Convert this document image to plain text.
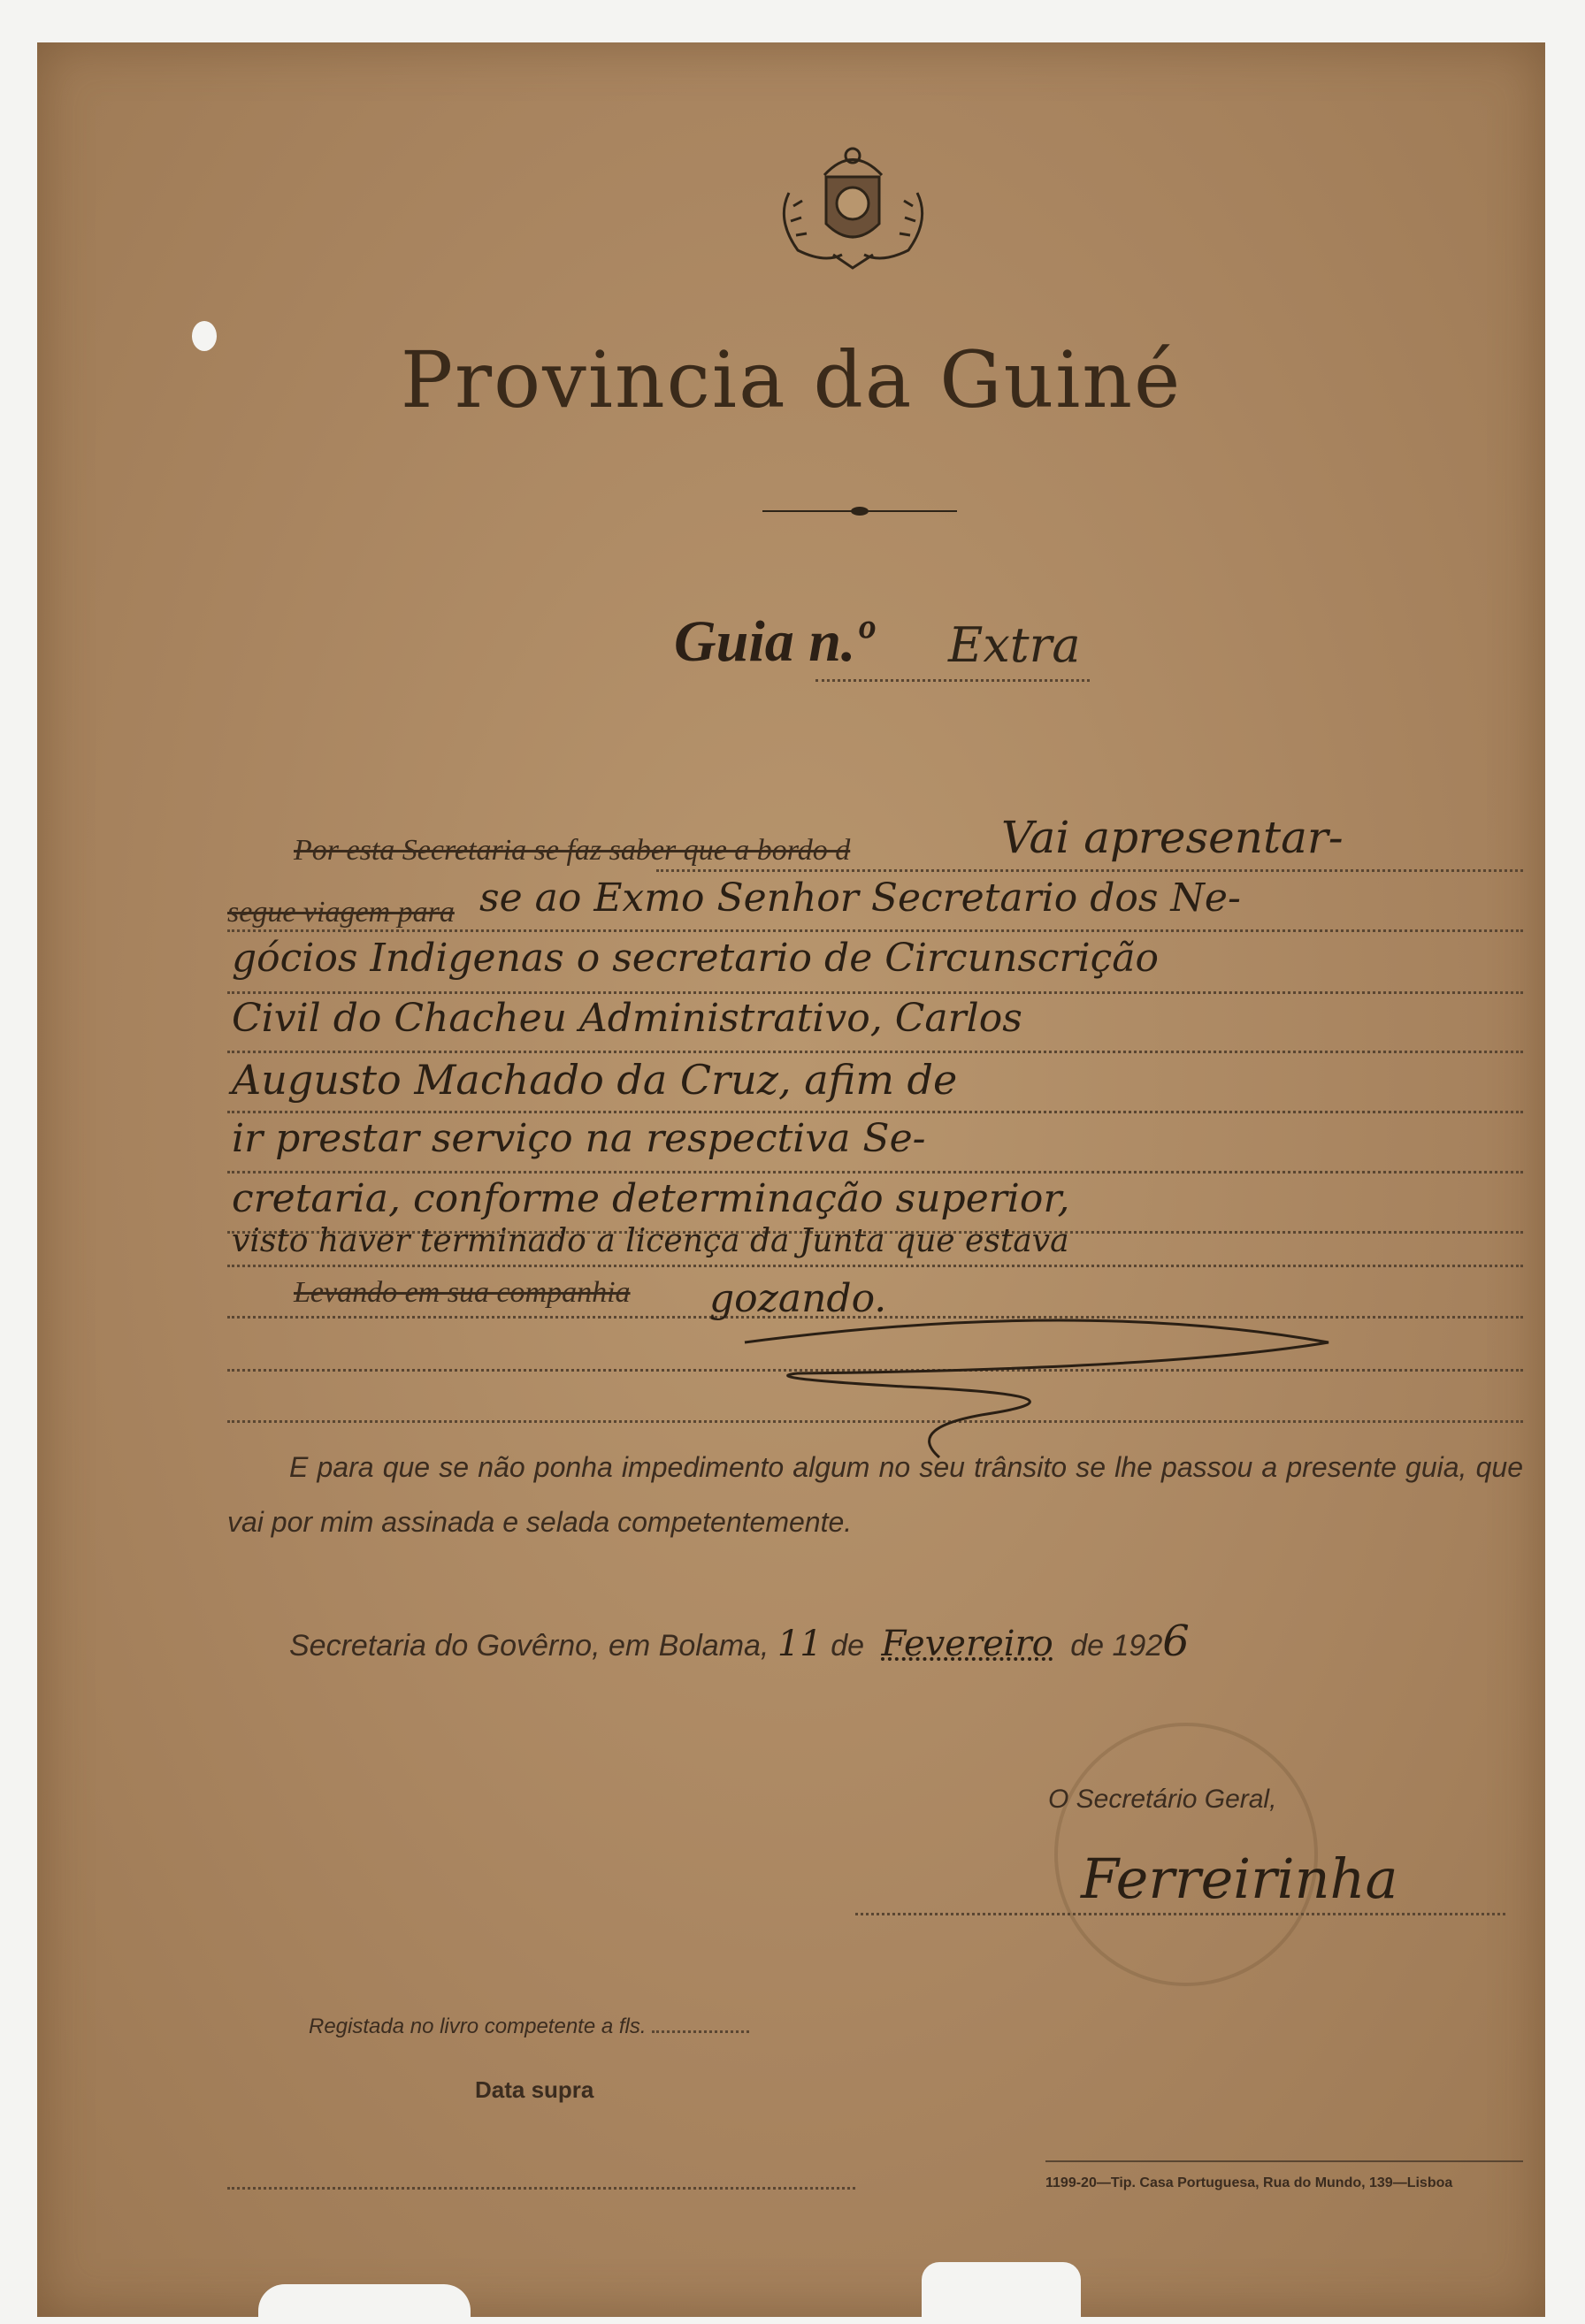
Provincia da Guiné
Guia n.º Extra
Por esta Secretaria se faz saber que a bordo d
segue viagem para
Levando em sua companhia
Vai apresentar-
se ao Exmo Senhor Secretario dos Ne-
gócios Indigenas o secretario de Circunscrição
Civil do Chacheu Administrativo, Carlos
Augusto Machado da Cruz, afim de
ir prestar serviço na respectiva Se-
cretaria, conforme determinação superior,
visto haver terminado a licença da Junta que estava
gozando.
E para que se não ponha impedimento algum no seu trânsito se lhe passou a presente guia, que vai por mim assinada e selada competentemente.
Secretaria do Govêrno, em Bolama, 11 de Fevereiro de 1926
O Secretário Geral,
Ferreirinha
Registada no livro competente a fls.
Data supra
1199-20—Tip. Casa Portuguesa, Rua do Mundo, 139—Lisboa
